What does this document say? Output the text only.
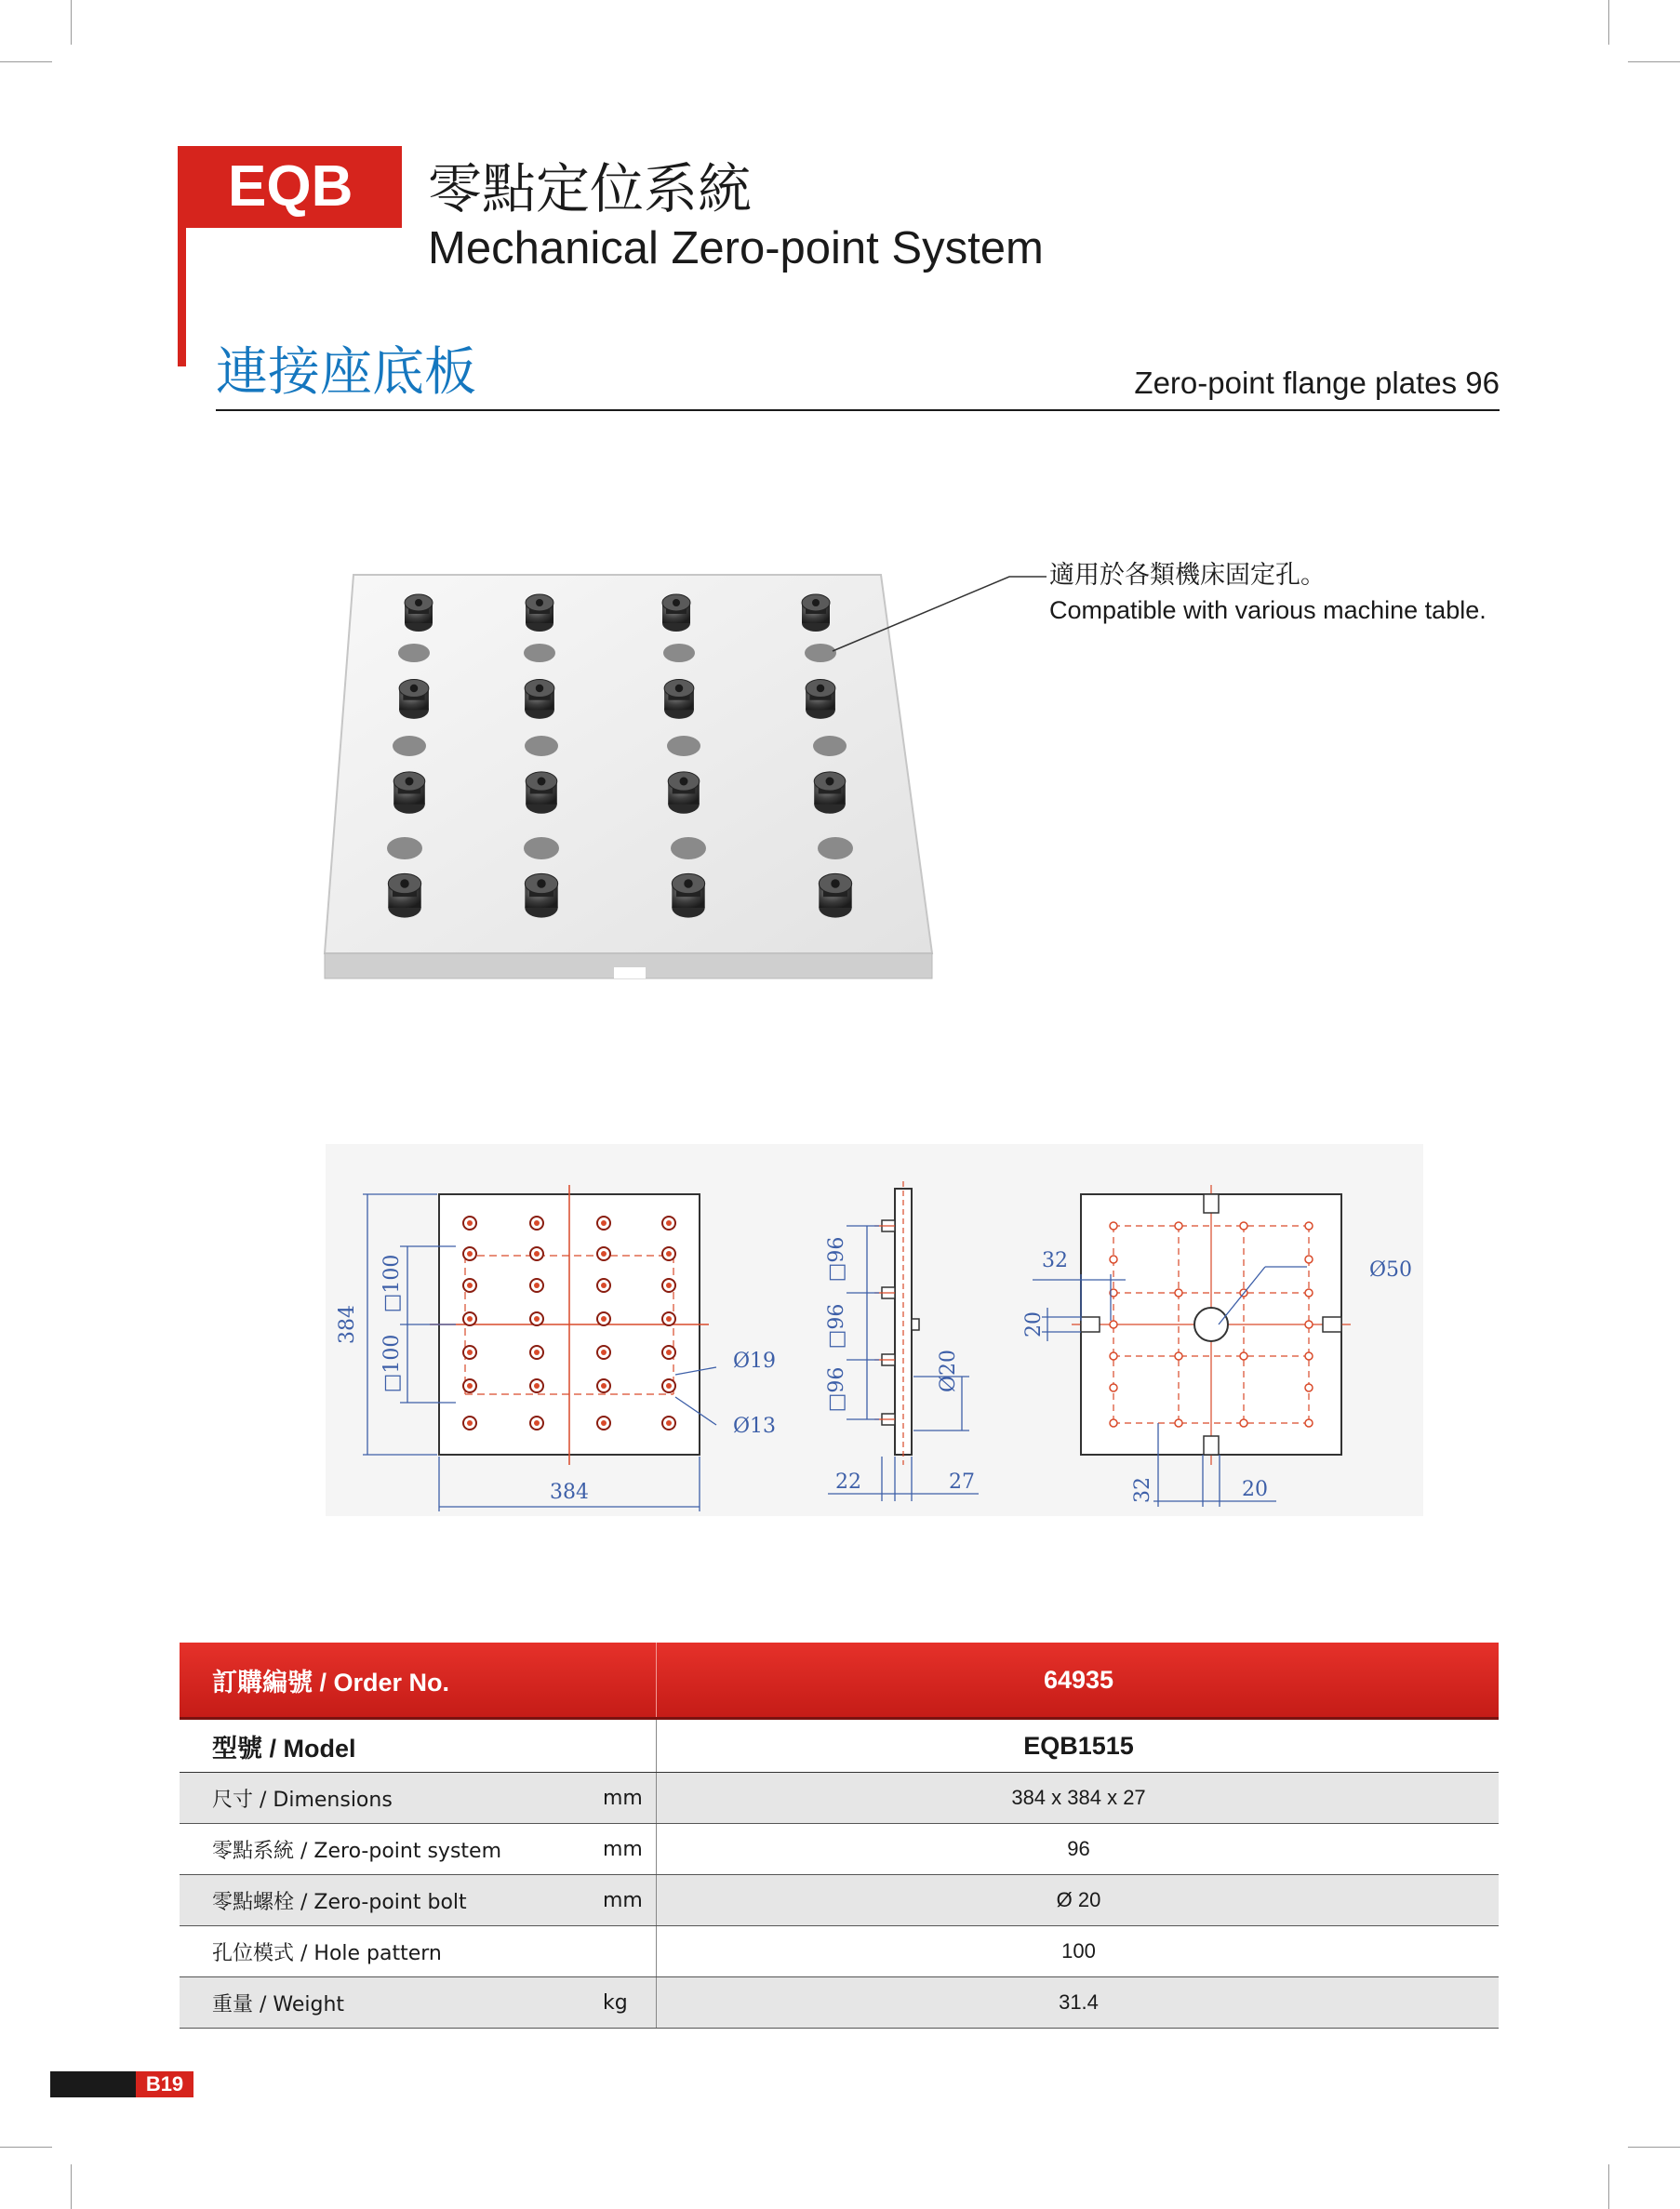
EQB	零點定位系統
Mechanical Zero-point System
連接座底板	Zero-point flange plates 96
適用於各類機床固定孔。
Compatible with various machine table.
384
□100
□100
384
Ø19
Ø13
□96
□96
□96	Ø20
22	27
32
20
Ø50
32	20
訂購編號 / Order No.	64935
型號 / Model	EQB1515
尺寸 / Dimensions	mm	384 x 384 x 27
零點系統 / Zero-point system	mm	96
零點螺栓 / Zero-point bolt	mm	Ø 20
孔位模式 / Hole pattern	100
重量 / Weight	kg	31.4
B19
